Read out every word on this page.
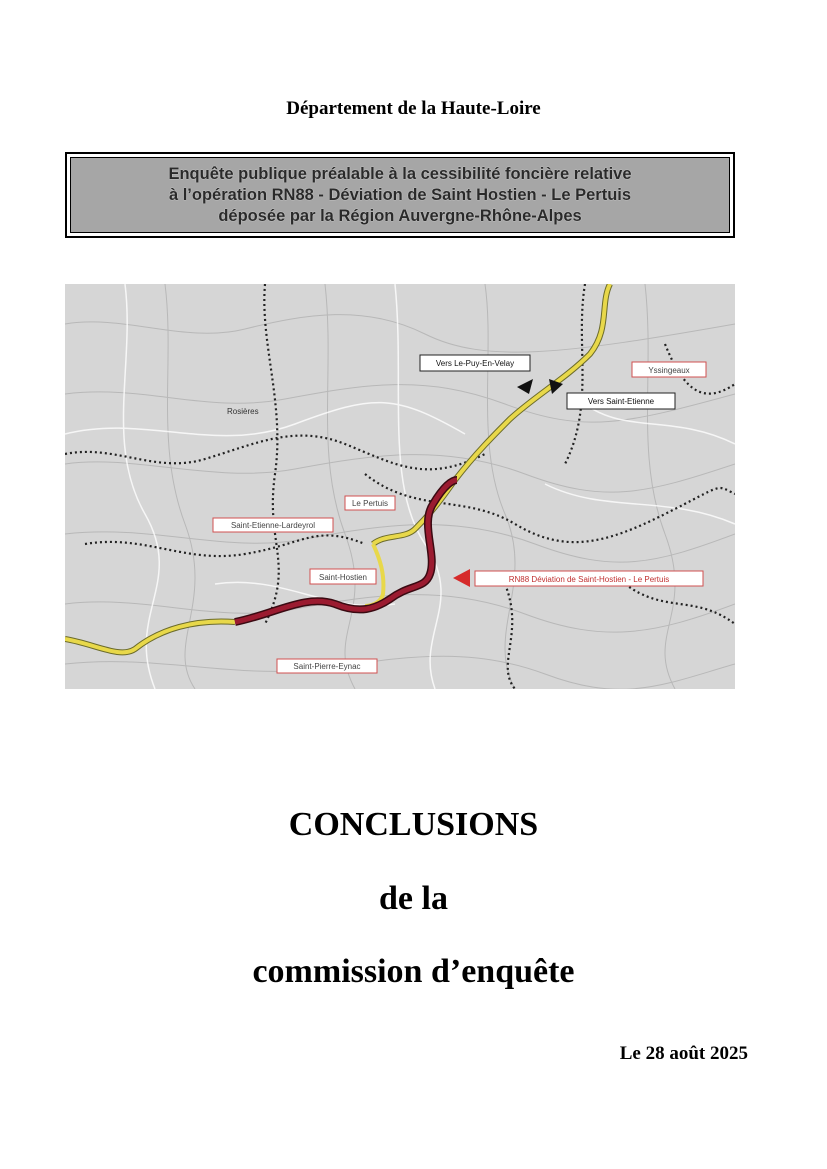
Département de la Haute-Loire
Enquête publique préalable à la cessibilité foncière relative
à l’opération RN88 - Déviation de Saint Hostien - Le Pertuis
déposée par la Région Auvergne-Rhône-Alpes
Vers Le-Puy-En-Velay
Yssingeaux
Vers Saint-Etienne
Le Pertuis
Saint-Etienne-Lardeyrol
Saint-Hostien	RN88 Déviation de Saint-Hostien - Le Pertuis
Saint-Pierre-Eynac
Rosières
CONCLUSIONS
de la
commission d’enquête
Le 28 août 2025
